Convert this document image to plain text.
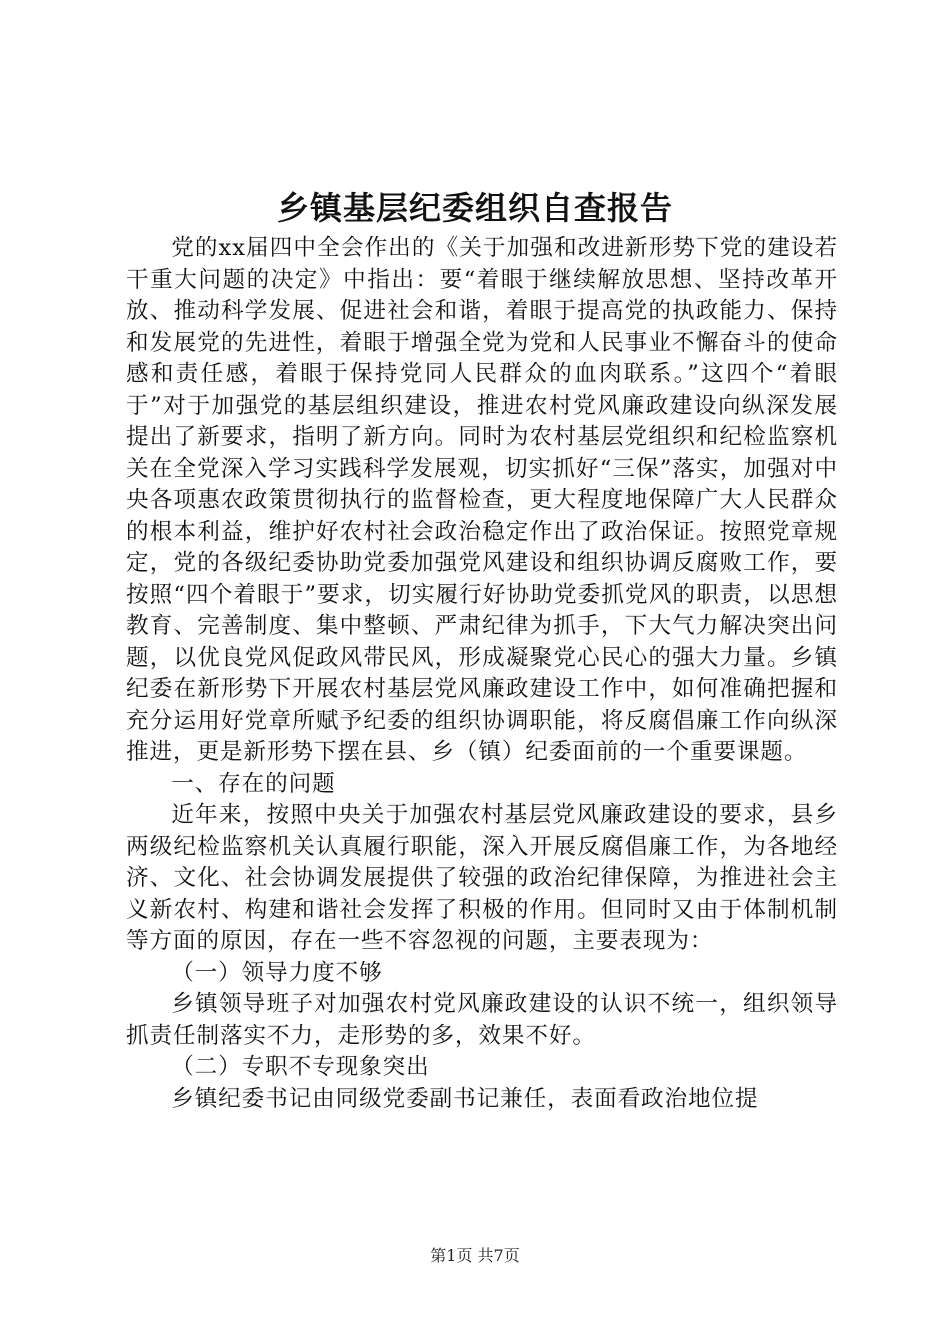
乡镇基层纪委组织自查报告

党的xx届四中全会作出的《关于加强和改进新形势下党的建设若干重大问题的决定》中指出：要“着眼于继续解放思想、坚持改革开放、推动科学发展、促进社会和谐，着眼于提高党的执政能力、保持和发展党的先进性，着眼于增强全党为党和人民事业不懈奋斗的使命感和责任感，着眼于保持党同人民群众的血肉联系。”这四个“着眼于”对于加强党的基层组织建设，推进农村党风廉政建设向纵深发展提出了新要求，指明了新方向。同时为农村基层党组织和纪检监察机关在全党深入学习实践科学发展观，切实抓好“三保”落实，加强对中央各项惠农政策贯彻执行的监督检查，更大程度地保障广大人民群众的根本利益，维护好农村社会政治稳定作出了政治保证。按照党章规定，党的各级纪委协助党委加强党风建设和组织协调反腐败工作，要按照“四个着眼于”要求，切实履行好协助党委抓党风的职责，以思想教育、完善制度、集中整顿、严肃纪律为抓手，下大气力解决突出问题，以优良党风促政风带民风，形成凝聚党心民心的强大力量。乡镇纪委在新形势下开展农村基层党风廉政建设工作中，如何准确把握和充分运用好党章所赋予纪委的组织协调职能，将反腐倡廉工作向纵深推进，更是新形势下摆在县、乡（镇）纪委面前的一个重要课题。

一、存在的问题

近年来，按照中央关于加强农村基层党风廉政建设的要求，县乡两级纪检监察机关认真履行职能，深入开展反腐倡廉工作，为各地经济、文化、社会协调发展提供了较强的政治纪律保障，为推进社会主义新农村、构建和谐社会发挥了积极的作用。但同时又由于体制机制等方面的原因，存在一些不容忽视的问题，主要表现为：

（一）领导力度不够

乡镇领导班子对加强农村党风廉政建设的认识不统一，组织领导抓责任制落实不力，走形势的多，效果不好。

（二）专职不专现象突出

乡镇纪委书记由同级党委副书记兼任，表面看政治地位提

第1页 共7页
